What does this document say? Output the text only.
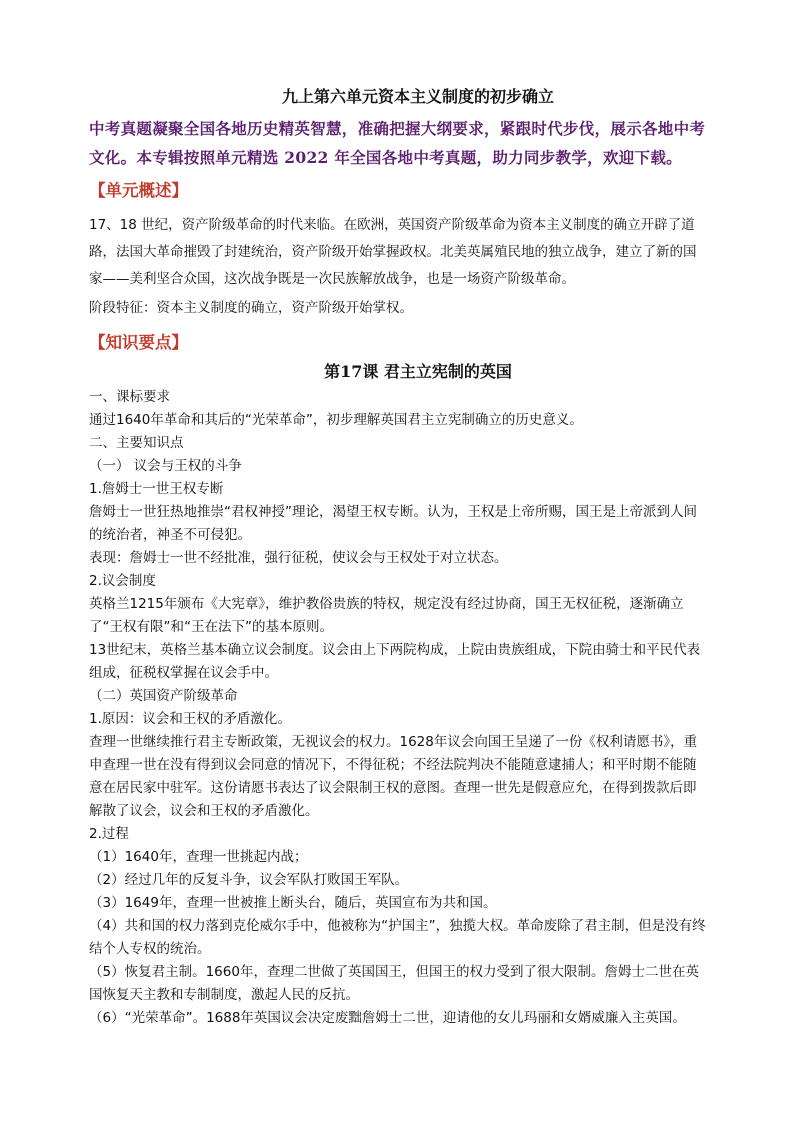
九上第六单元资本主义制度的初步确立
中考真题凝聚全国各地历史精英智慧，准确把握大纲要求，紧跟时代步伐，展示各地中考文化。本专辑按照单元精选 2022 年全国各地中考真题，助力同步教学，欢迎下载。
【单元概述】
17、18 世纪，资产阶级革命的时代来临。在欧洲，英国资产阶级革命为资本主义制度的确立开辟了道路，法国大革命摧毁了封建统治，资产阶级开始掌握政权。北美英属殖民地的独立战争，建立了新的国家——美利坚合众国，这次战争既是一次民族解放战争，也是一场资产阶级革命。
阶段特征：资本主义制度的确立，资产阶级开始掌权。
【知识要点】
第17课 君主立宪制的英国
一、课标要求
通过1640年革命和其后的“光荣革命”，初步理解英国君主立宪制确立的历史意义。
二、主要知识点
（一） 议会与王权的斗争
1.詹姆士一世王权专断
詹姆士一世狂热地推崇“君权神授”理论，渴望王权专断。认为，王权是上帝所赐，国王是上帝派到人间的统治者，神圣不可侵犯。
表现：詹姆士一世不经批准，强行征税，使议会与王权处于对立状态。
2.议会制度
英格兰1215年颁布《大宪章》，维护教俗贵族的特权，规定没有经过协商，国王无权征税，逐渐确立了“王权有限”和“王在法下”的基本原则。
13世纪末，英格兰基本确立议会制度。议会由上下两院构成，上院由贵族组成，下院由骑士和平民代表组成，征税权掌握在议会手中。
（二）英国资产阶级革命
1.原因：议会和王权的矛盾激化。
查理一世继续推行君主专断政策，无视议会的权力。1628年议会向国王呈递了一份《权利请愿书》，重申查理一世在没有得到议会同意的情况下，不得征税；不经法院判决不能随意逮捕人；和平时期不能随意在居民家中驻军。这份请愿书表达了议会限制王权的意图。查理一世先是假意应允，在得到拨款后即解散了议会，议会和王权的矛盾激化。
2.过程
（1）1640年，查理一世挑起内战；
（2）经过几年的反复斗争，议会军队打败国王军队。
（3）1649年，查理一世被推上断头台，随后，英国宣布为共和国。
（4）共和国的权力落到克伦威尔手中，他被称为“护国主”，独揽大权。革命废除了君主制，但是没有终结个人专权的统治。
（5）恢复君主制。1660年，查理二世做了英国国王，但国王的权力受到了很大限制。詹姆士二世在英国恢复天主教和专制制度，激起人民的反抗。
（6）“光荣革命”。1688年英国议会决定废黜詹姆士二世，迎请他的女儿玛丽和女婿威廉入主英国。
